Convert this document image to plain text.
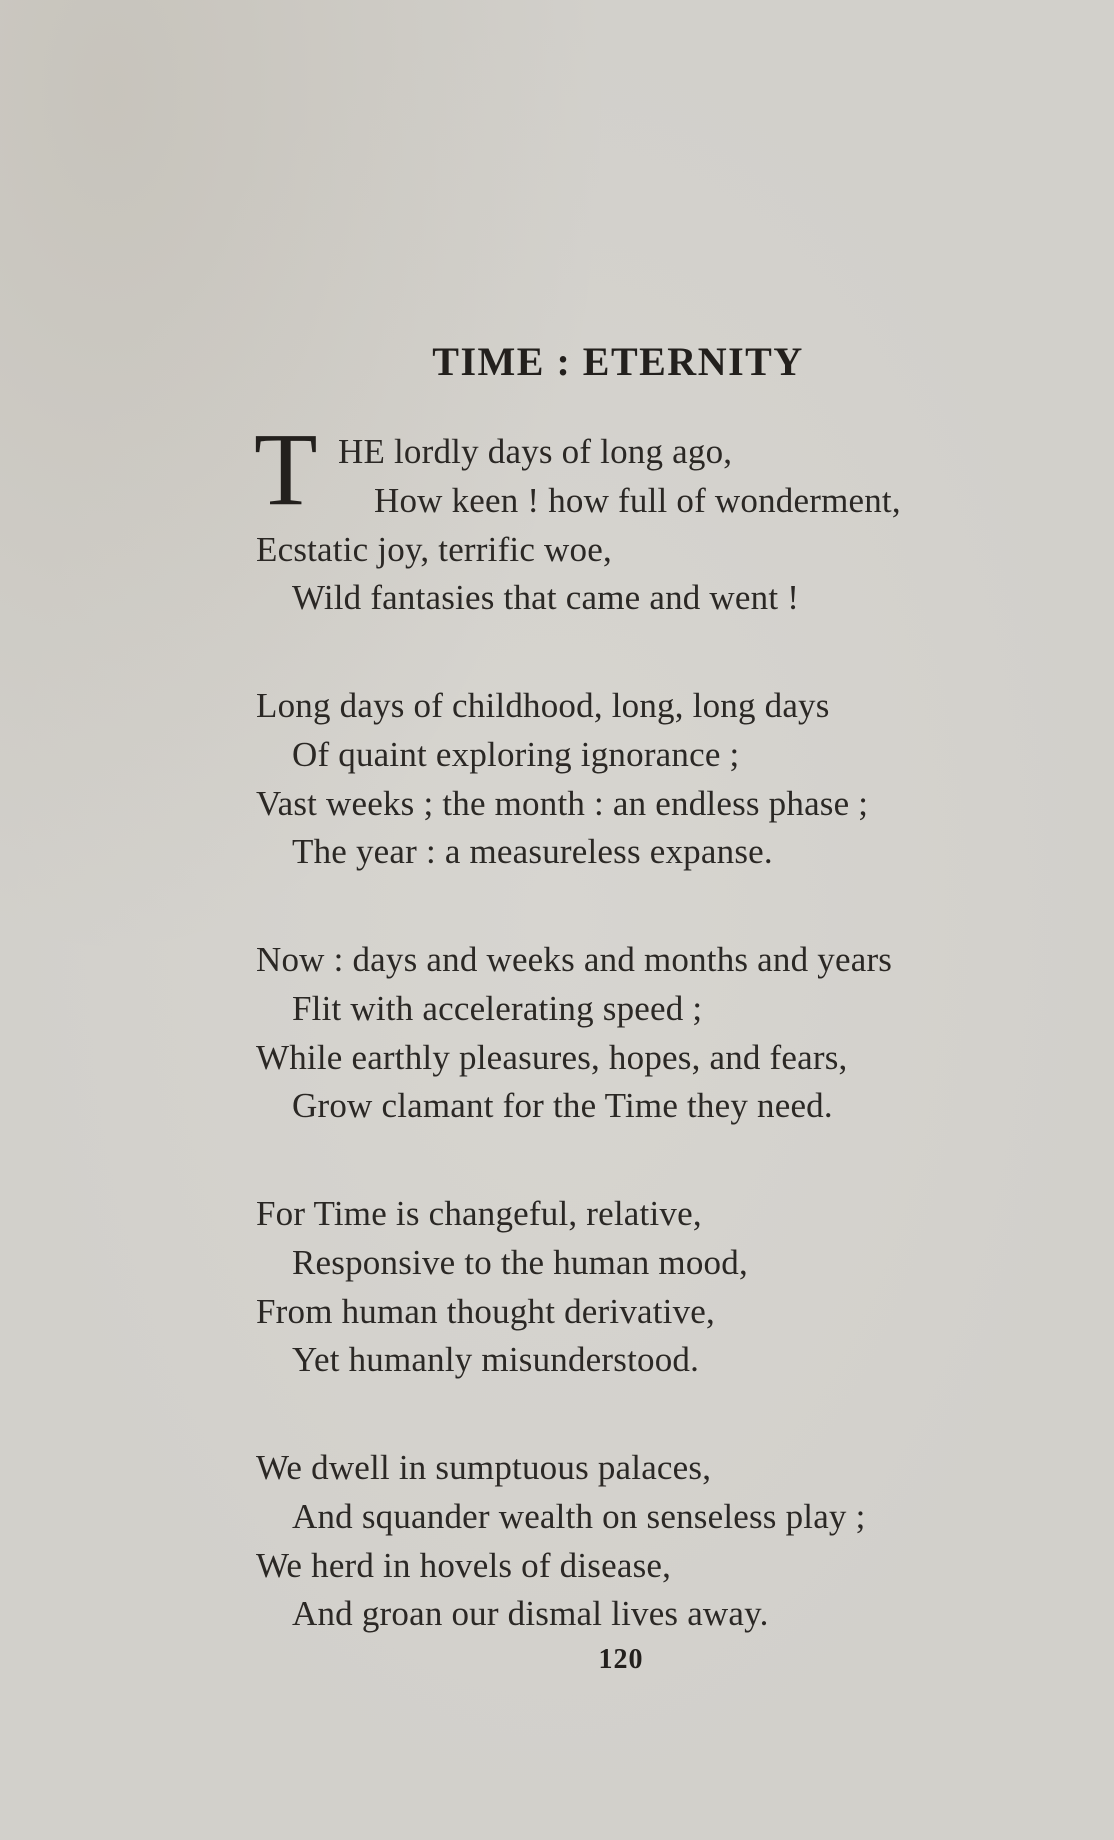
TIME : ETERNITY
T HE lordly days of long ago,
How keen ! how full of wonderment,
Ecstatic joy, terrific woe,
Wild fantasies that came and went !
Long days of childhood, long, long days
Of quaint exploring ignorance ;
Vast weeks ; the month : an endless phase ;
The year : a measureless expanse.
Now : days and weeks and months and years
Flit with accelerating speed ;
While earthly pleasures, hopes, and fears,
Grow clamant for the Time they need.
For Time is changeful, relative,
Responsive to the human mood,
From human thought derivative,
Yet humanly misunderstood.
We dwell in sumptuous palaces,
And squander wealth on senseless play ;
We herd in hovels of disease,
And groan our dismal lives away.
120
